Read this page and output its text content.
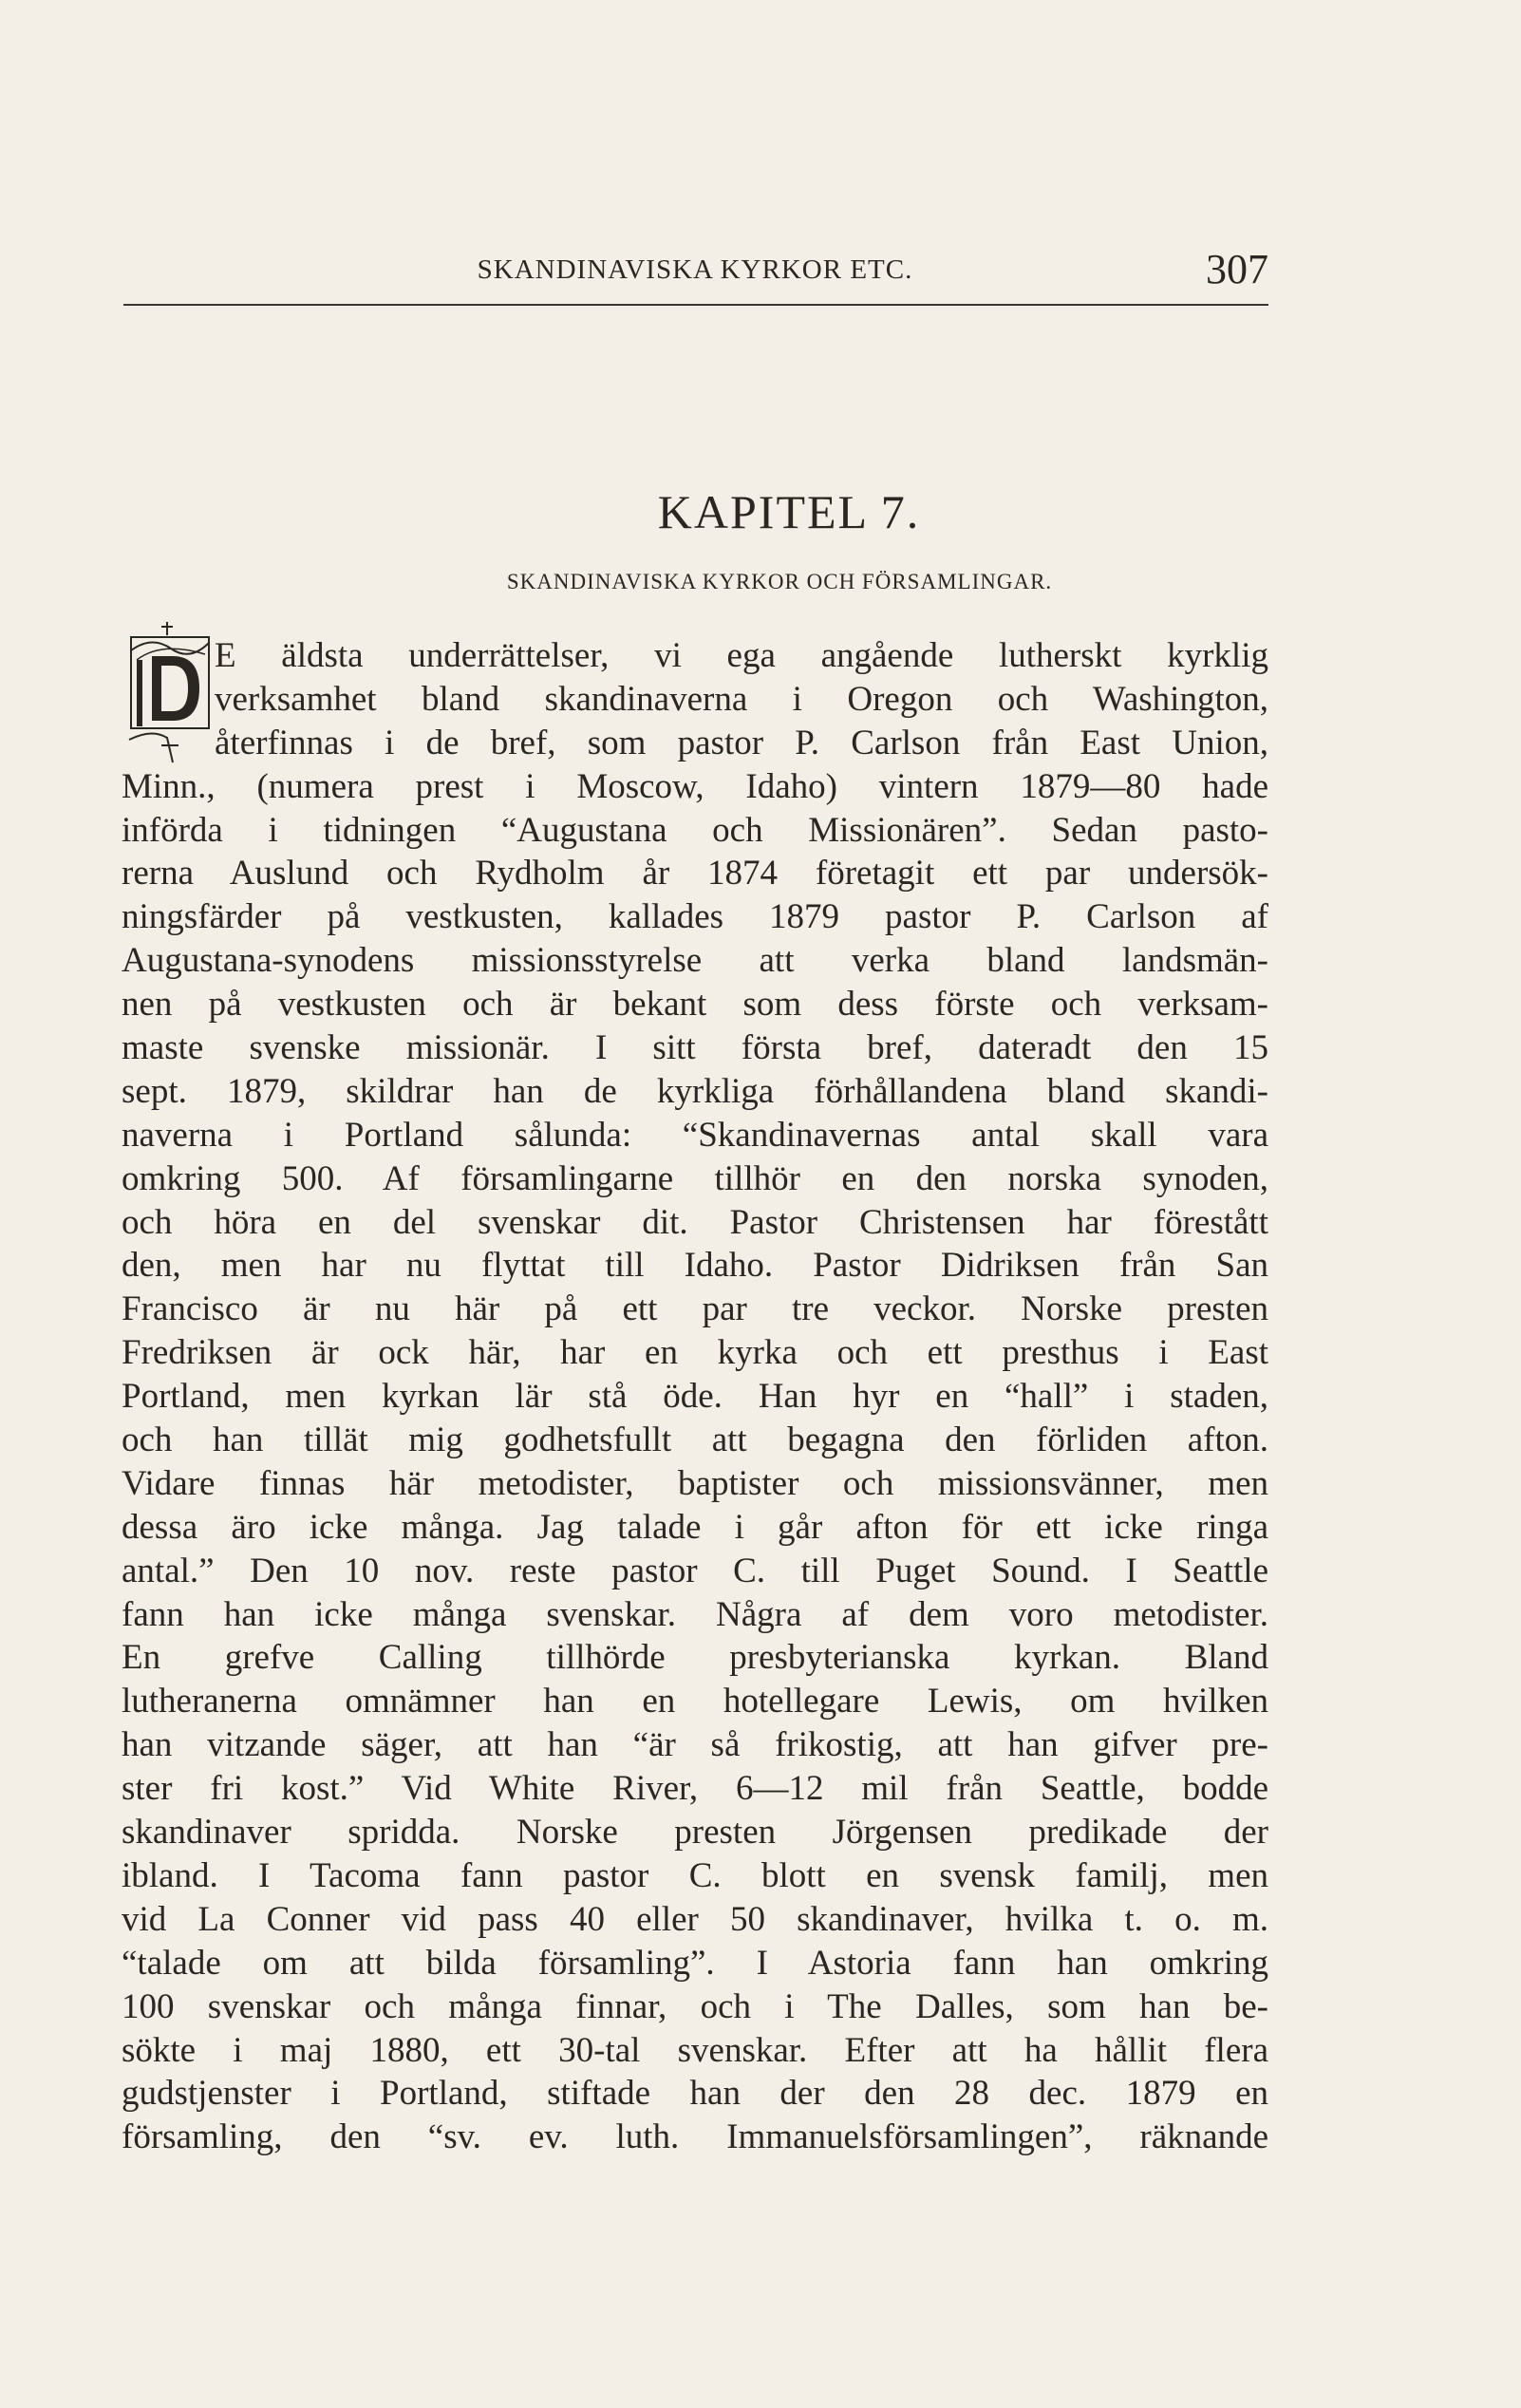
SKANDINAVISKA KYRKOR ETC.	307
KAPITEL 7.
SKANDINAVISKA KYRKOR OCH FÖRSAMLINGAR.
E äldsta underrättelser, vi ega angående lutherskt kyrklig
verksamhet bland skandinaverna i Oregon och Washington,
återfinnas i de bref, som pastor P. Carlson från East Union,
Minn., (numera prest i Moscow, Idaho) vintern 1879—80 hade
införda i tidningen “Augustana och Missionären”. Sedan pasto-
rerna Auslund och Rydholm år 1874 företagit ett par undersök-
ningsfärder på vestkusten, kallades 1879 pastor P. Carlson af
Augustana-synodens missionsstyrelse att verka bland landsmän-
nen på vestkusten och är bekant som dess förste och verksam-
maste svenske missionär. I sitt första bref, dateradt den 15
sept. 1879, skildrar han de kyrkliga förhållandena bland skandi-
naverna i Portland sålunda: “Skandinavernas antal skall vara
omkring 500. Af församlingarne tillhör en den norska synoden,
och höra en del svenskar dit. Pastor Christensen har förestått
den, men har nu flyttat till Idaho. Pastor Didriksen från San
Francisco är nu här på ett par tre veckor. Norske presten
Fredriksen är ock här, har en kyrka och ett presthus i East
Portland, men kyrkan lär stå öde. Han hyr en “hall” i staden,
och han tillät mig godhetsfullt att begagna den förliden afton.
Vidare finnas här metodister, baptister och missionsvänner, men
dessa äro icke många. Jag talade i går afton för ett icke ringa
antal.” Den 10 nov. reste pastor C. till Puget Sound. I Seattle
fann han icke många svenskar. Några af dem voro metodister.
En grefve Calling tillhörde presbyterianska kyrkan. Bland
lutheranerna omnämner han en hotellegare Lewis, om hvilken
han vitzande säger, att han “är så frikostig, att han gifver pre-
ster fri kost.” Vid White River, 6—12 mil från Seattle, bodde
skandinaver spridda. Norske presten Jörgensen predikade der
ibland. I Tacoma fann pastor C. blott en svensk familj, men
vid La Conner vid pass 40 eller 50 skandinaver, hvilka t. o. m.
“talade om att bilda församling”. I Astoria fann han omkring
100 svenskar och många finnar, och i The Dalles, som han be-
sökte i maj 1880, ett 30-tal svenskar. Efter att ha hållit flera
gudstjenster i Portland, stiftade han der den 28 dec. 1879 en
församling, den “sv. ev. luth. Immanuelsförsamlingen”, räknande
